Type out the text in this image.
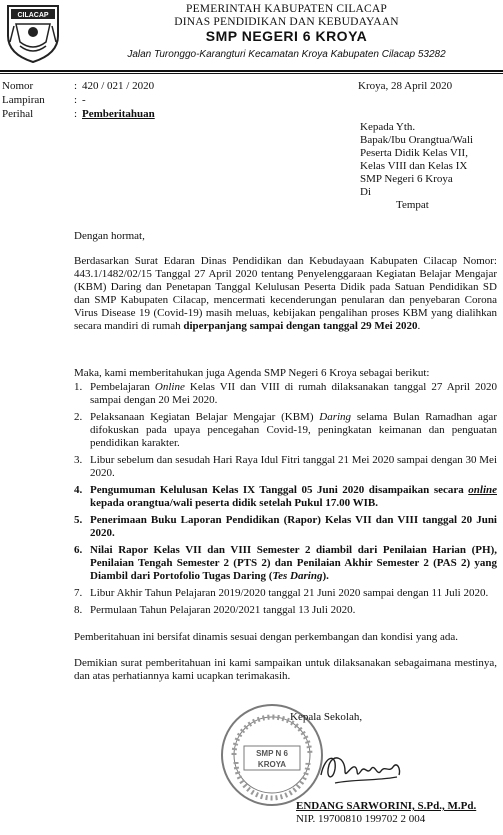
CILACAP
PEMERINTAH KABUPATEN CILACAP
DINAS PENDIDIKAN DAN KEBUDAYAAN
SMP NEGERI 6 KROYA
Jalan Turonggo-Karangturi Kecamatan Kroya Kabupaten Cilacap 53282
Nomor	: 420 / 021 / 2020	Kroya, 28 April 2020
Lampiran	: -
Perihal	: Pemberitahuan
Kepada Yth.
Bapak/Ibu Orangtua/Wali
Peserta Didik Kelas VII,
Kelas VIII dan Kelas IX
SMP Negeri 6 Kroya
Di
Tempat
Dengan hormat,
Berdasarkan Surat Edaran Dinas Pendidikan dan Kebudayaan Kabupaten Cilacap Nomor: 443.1/1482/02/15 Tanggal 27 April 2020 tentang Penyelenggaraan Kegiatan Belajar Mengajar (KBM) Daring dan Penetapan Tanggal Kelulusan Peserta Didik pada Satuan Pendidikan SD dan SMP Kabupaten Cilacap, mencermati kecenderungan penularan dan penyebaran Corona Virus Disease 19 (Covid-19) masih meluas, kebijakan pengalihan proses KBM yang dialihkan secara mandiri di rumah diperpanjang sampai dengan tanggal 29 Mei 2020.
Maka, kami memberitahukan juga Agenda SMP Negeri 6 Kroya sebagai berikut:
1. Pembelajaran Online Kelas VII dan VIII di rumah dilaksanakan tanggal 27 April 2020 sampai dengan 20 Mei 2020.
2. Pelaksanaan Kegiatan Belajar Mengajar (KBM) Daring selama Bulan Ramadhan agar difokuskan pada upaya pencegahan Covid-19, peningkatan keimanan dan penguatan pendidikan karakter.
3. Libur sebelum dan sesudah Hari Raya Idul Fitri tanggal 21 Mei 2020 sampai dengan 30 Mei 2020.
4. Pengumuman Kelulusan Kelas IX Tanggal 05 Juni 2020 disampaikan secara online kepada orangtua/wali peserta didik setelah Pukul 17.00 WIB.
5. Penerimaan Buku Laporan Pendidikan (Rapor) Kelas VII dan VIII tanggal 20 Juni 2020.
6. Nilai Rapor Kelas VII dan VIII Semester 2 diambil dari Penilaian Harian (PH), Penilaian Tengah Semester 2 (PTS 2) dan Penilaian Akhir Semester 2 (PAS 2) yang Diambil dari Portofolio Tugas Daring (Tes Daring).
7. Libur Akhir Tahun Pelajaran 2019/2020 tanggal 21 Juni 2020 sampai dengan 11 Juli 2020.
8. Permulaan Tahun Pelajaran 2020/2021 tanggal 13 Juli 2020.
Pemberitahuan ini bersifat dinamis sesuai dengan perkembangan dan kondisi yang ada.
Demikian surat pemberitahuan ini kami sampaikan untuk dilaksanakan sebagaimana mestinya, dan atas perhatiannya kami ucapkan terimakasih.
SMP N 6
KROYA
Kepala Sekolah,
ENDANG SARWORINI, S.Pd., M.Pd.
NIP. 19700810 199702 2 004
